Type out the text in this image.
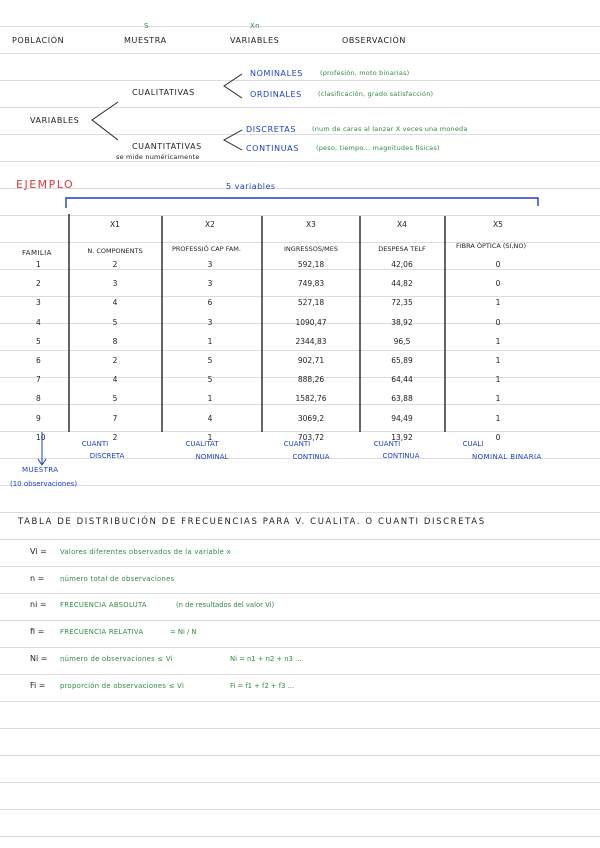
S	Xn
POBLACIÓN	MUESTRA	VARIABLES	OBSERVACIÓN
VARIABLES
CUALITATIVAS
NOMINALES	(profesión, moto binarias)
ORDINALES (clasificación, grado satisfacción)
CUANTITATIVAS
se mide numéricamente
DISCRETAS (num de caras al lanzar X veces una moneda
CONTINUAS	(peso, tiempo... magnitudes físicas)
EJEMPLO	5 variables
X1	X2	X3	X4	X5
FAMILIA	N. COMPONENTS	PROFESSIÓ CAP FAM.	INGRESSOS/MES	DESPESA TELF	FIBRA ÒPTICA (SI,NO)
1	2	3	592,18	42,06	0
2	3	3	749,83	44,82	0
3	4	6	527,18	72,35	1
4	5	3	1090,47	38,92	0
5	8	1	2344,83	96,5	1
6	2	5	902,71	65,89	1
7	4	5	888,26	64,44	1
8	5	1	1582,76	63,88	1
9	7	4	3069,2	94,49	1
10	2	1	703,72	13,92	0
CUANTI
DISCRETA
CUALITAT
NOMINAL
CUANTI
CONTINUA
CUANTI
CONTINUA
CUALI
NOMINAL BINARIA
MUESTRA
(10 observaciones)
TABLA DE DISTRIBUCIÓN DE FRECUENCIAS PARA V. CUALITA. O CUANTI DISCRETAS
Vi = Valores diferentes observados de la variable x
n = número total de observaciones
ni = FRECUENCIA ABSOLUTA	(n de resultados del valor Vi)
fi = FRECUENCIA RELATIVA	= Ni / N
Ni = número de observaciones ≤ Vi	Ni = n1 + n2 + n3 ...
Fi = proporción de observaciones ≤ Vi	Fi = f1 + f2 + f3 ...
